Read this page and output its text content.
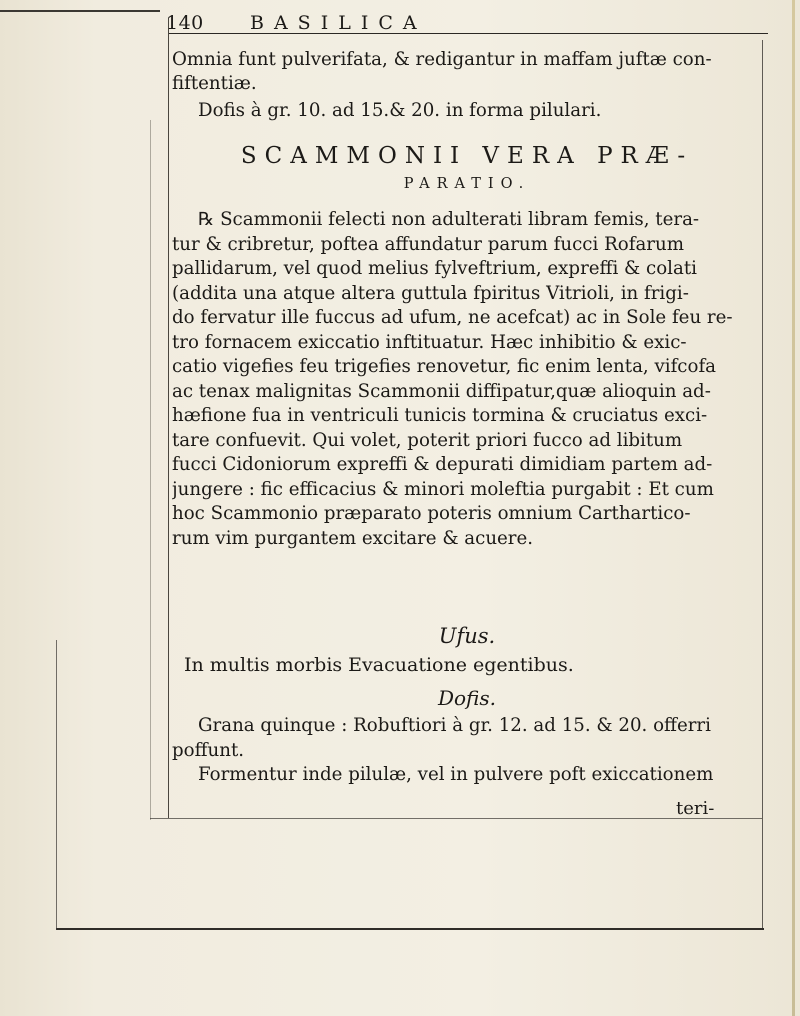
140 BASILICA
Omnia funt pulverifata, & redigantur in maffam juftæ con-
fiftentiæ.
Dofis à gr. 10. ad 15.& 20. in forma pilulari.
SCAMMONII VERA PRÆ-
PARATIO.
℞ Scammonii felecti non adulterati libram femis, tera-
tur & cribretur, poftea affundatur parum fucci Rofarum
pallidarum, vel quod melius fylveftrium, expreffi & colati
(addita una atque altera guttula fpiritus Vitrioli, in frigi-
do fervatur ille fuccus ad ufum, ne acefcat) ac in Sole feu re-
tro fornacem exiccatio inftituatur. Hæc inhibitio & exic-
catio vigefies feu trigefies renovetur, fic enim lenta, vifcofa
ac tenax malignitas Scammonii diffipatur,quæ alioquin ad-
hæfione fua in ventriculi tunicis tormina & cruciatus exci-
tare confuevit. Qui volet, poterit priori fucco ad libitum
fucci Cidoniorum expreffi & depurati dimidiam partem ad-
jungere : fic efficacius & minori moleftia purgabit : Et cum
hoc Scammonio præparato poteris omnium Carthartico-
rum vim purgantem excitare & acuere.
Ufus.
In multis morbis Evacuatione egentibus.
Dofis.
Grana quinque : Robuftiori à gr. 12. ad 15. & 20. offerri
poffunt.
Formentur inde pilulæ, vel in pulvere poft exiccationem
teri-
